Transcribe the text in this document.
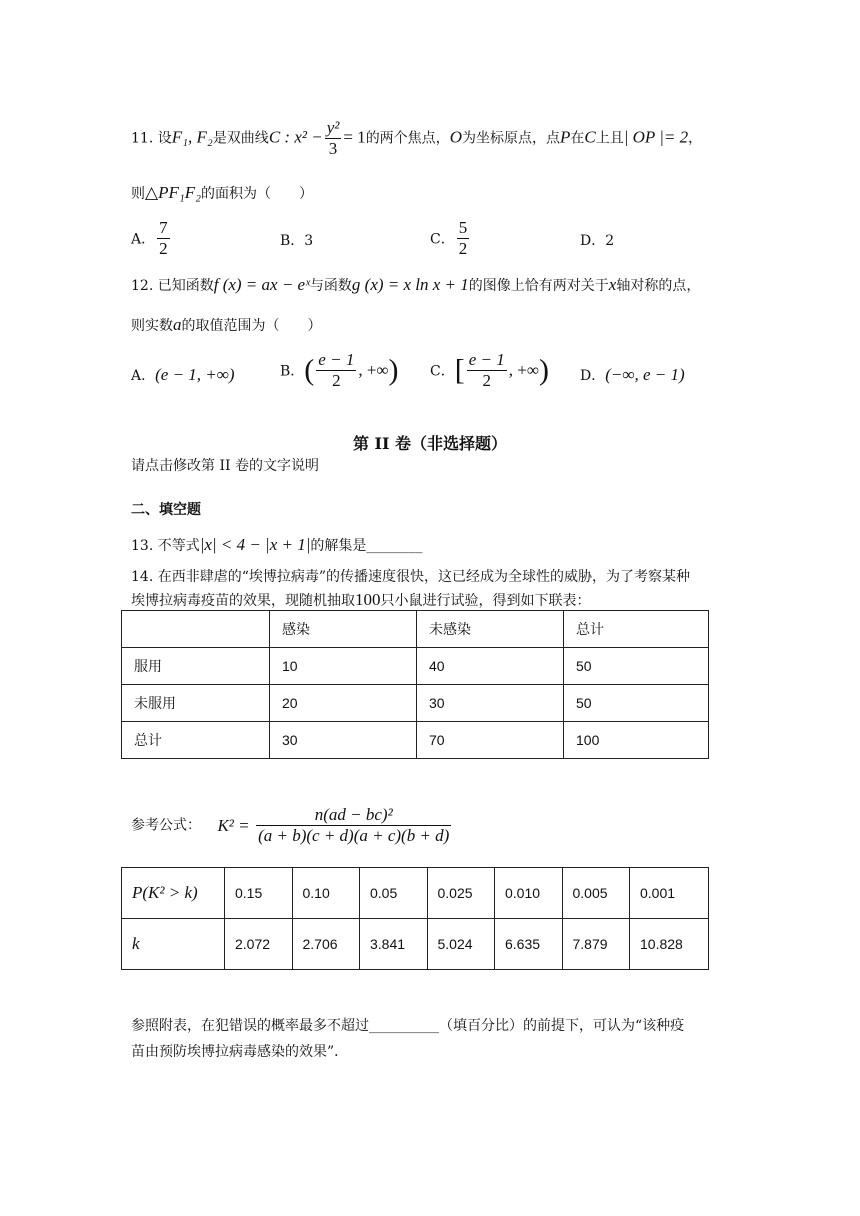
11. 设F₁, F₂是双曲线C : $x^2 - \frac{\text{y²}}{3} = 1$的两个焦点，O为坐标原点，点P在C上且| OP |= 2，
则△PF₁F₂的面积为（　　）
A． $\frac{7}{2}$	B．3	C． $\frac{5}{2}$	D．2
12. 已知函数f (x) = ax − eˣ与函数g (x) = x ln x + 1的图像上恰有两对关于x轴对称的点，
则实数a的取值范围为（　　）
A．(e − 1, +∞)	B．( $\frac{e - 1}{2}$ , +∞) C．[ $\frac{e - 1}{2}$ , +∞) D．(−∞, e − 1)
第 II 卷（非选择题）
请点击修改第 II 卷的文字说明
二、填空题
13. 不等式|x| < 4 − |x + 1|的解集是________
14. 在西非肆虐的“埃博拉病毒”的传播速度很快，这已经成为全球性的威胁，为了考察某种
埃博拉病毒疫苗的效果，现随机抽取100只小鼠进行试验，得到如下联表：
	感染	未感染	总计
服用	10	40	50
未服用	20	30	50
总计	30	70	100
参考公式： $K^2 = \frac{\text{n(ad − bc)²}}{(a + b)(c + d)(a + c)(b + d)}$
P(K² > k)	0.15	0.10	0.05	0.025	0.010	0.005	0.001
k	2.072	2.706	3.841	5.024	6.635	7.879	10.828
参照附表，在犯错误的概率最多不超过__________（填百分比）的前提下，可认为“该种疫
苗由预防埃博拉病毒感染的效果”．
